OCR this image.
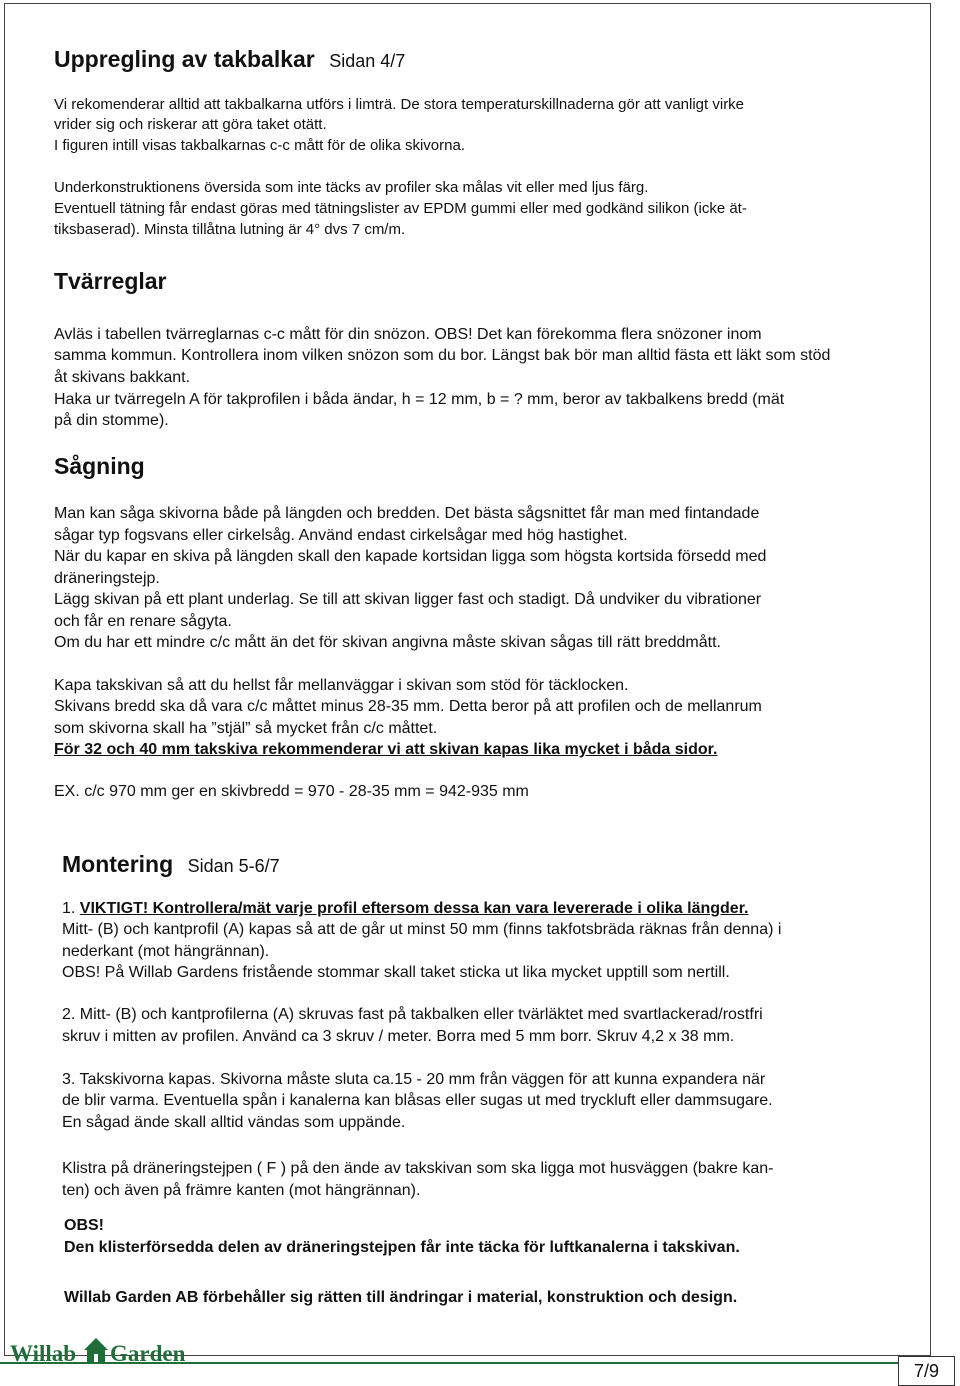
Uppregling av takbalkar Sidan 4/7
Vi rekomenderar alltid att takbalkarna utförs i limträ. De stora temperaturskillnaderna gör att vanligt virke
vrider sig och riskerar att göra taket otätt.
I figuren intill visas takbalkarnas c-c mått för de olika skivorna.
Underkonstruktionens översida som inte täcks av profiler ska målas vit eller med ljus färg.
Eventuell tätning får endast göras med tätningslister av EPDM gummi eller med godkänd silikon (icke ät-
tiksbaserad). Minsta tillåtna lutning är 4° dvs 7 cm/m.
Tvärreglar
Avläs i tabellen tvärreglarnas c-c mått för din snözon. OBS! Det kan förekomma flera snözoner inom
samma kommun. Kontrollera inom vilken snözon som du bor. Längst bak bör man alltid fästa ett läkt som stöd
åt skivans bakkant.
Haka ur tvärregeln A för takprofilen i båda ändar, h = 12 mm, b = ? mm, beror av takbalkens bredd (mät
på din stomme).
Sågning
Man kan såga skivorna både på längden och bredden. Det bästa sågsnittet får man med fintandade
sågar typ fogsvans eller cirkelsåg. Använd endast cirkelsågar med hög hastighet.
När du kapar en skiva på längden skall den kapade kortsidan ligga som högsta kortsida försedd med
dräneringstejp.
Lägg skivan på ett plant underlag. Se till att skivan ligger fast och stadigt. Då undviker du vibrationer
och får en renare sågyta.
Om du har ett mindre c/c mått än det för skivan angivna måste skivan sågas till rätt breddmått.
Kapa takskivan så att du hellst får mellanväggar i skivan som stöd för täcklocken.
Skivans bredd ska då vara c/c måttet minus 28-35 mm. Detta beror på att profilen och de mellanrum
som skivorna skall ha ”stjäl” så mycket från c/c måttet.
För 32 och 40 mm takskiva rekommenderar vi att skivan kapas lika mycket i båda sidor.
EX. c/c 970 mm ger en skivbredd = 970 - 28-35 mm = 942-935 mm
Montering Sidan 5-6/7
1. VIKTIGT! Kontrollera/mät varje profil eftersom dessa kan vara levererade i olika längder.
Mitt- (B) och kantprofil (A) kapas så att de går ut minst 50 mm (finns takfotsbräda räknas från denna) i
nederkant (mot hängrännan).
OBS! På Willab Gardens fristående stommar skall taket sticka ut lika mycket upptill som nertill.
2. Mitt- (B) och kantprofilerna (A) skruvas fast på takbalken eller tvärläktet med svartlackerad/rostfri
skruv i mitten av profilen. Använd ca 3 skruv / meter. Borra med 5 mm borr. Skruv 4,2 x 38 mm.
3. Takskivorna kapas. Skivorna måste sluta ca.15 - 20 mm från väggen för att kunna expandera när
de blir varma. Eventuella spån i kanalerna kan blåsas eller sugas ut med tryckluft eller dammsugare.
En sågad ände skall alltid vändas som uppände.
Klistra på dräneringstejpen ( F ) på den ände av takskivan som ska ligga mot husväggen (bakre kan-
ten) och även på främre kanten (mot hängrännan).
OBS!
Den klisterförsedda delen av dräneringstejpen får inte täcka för luftkanalerna i takskivan.
Willab Garden AB förbehåller sig rätten till ändringar i material, konstruktion och design.
Willab Garden
7/9
